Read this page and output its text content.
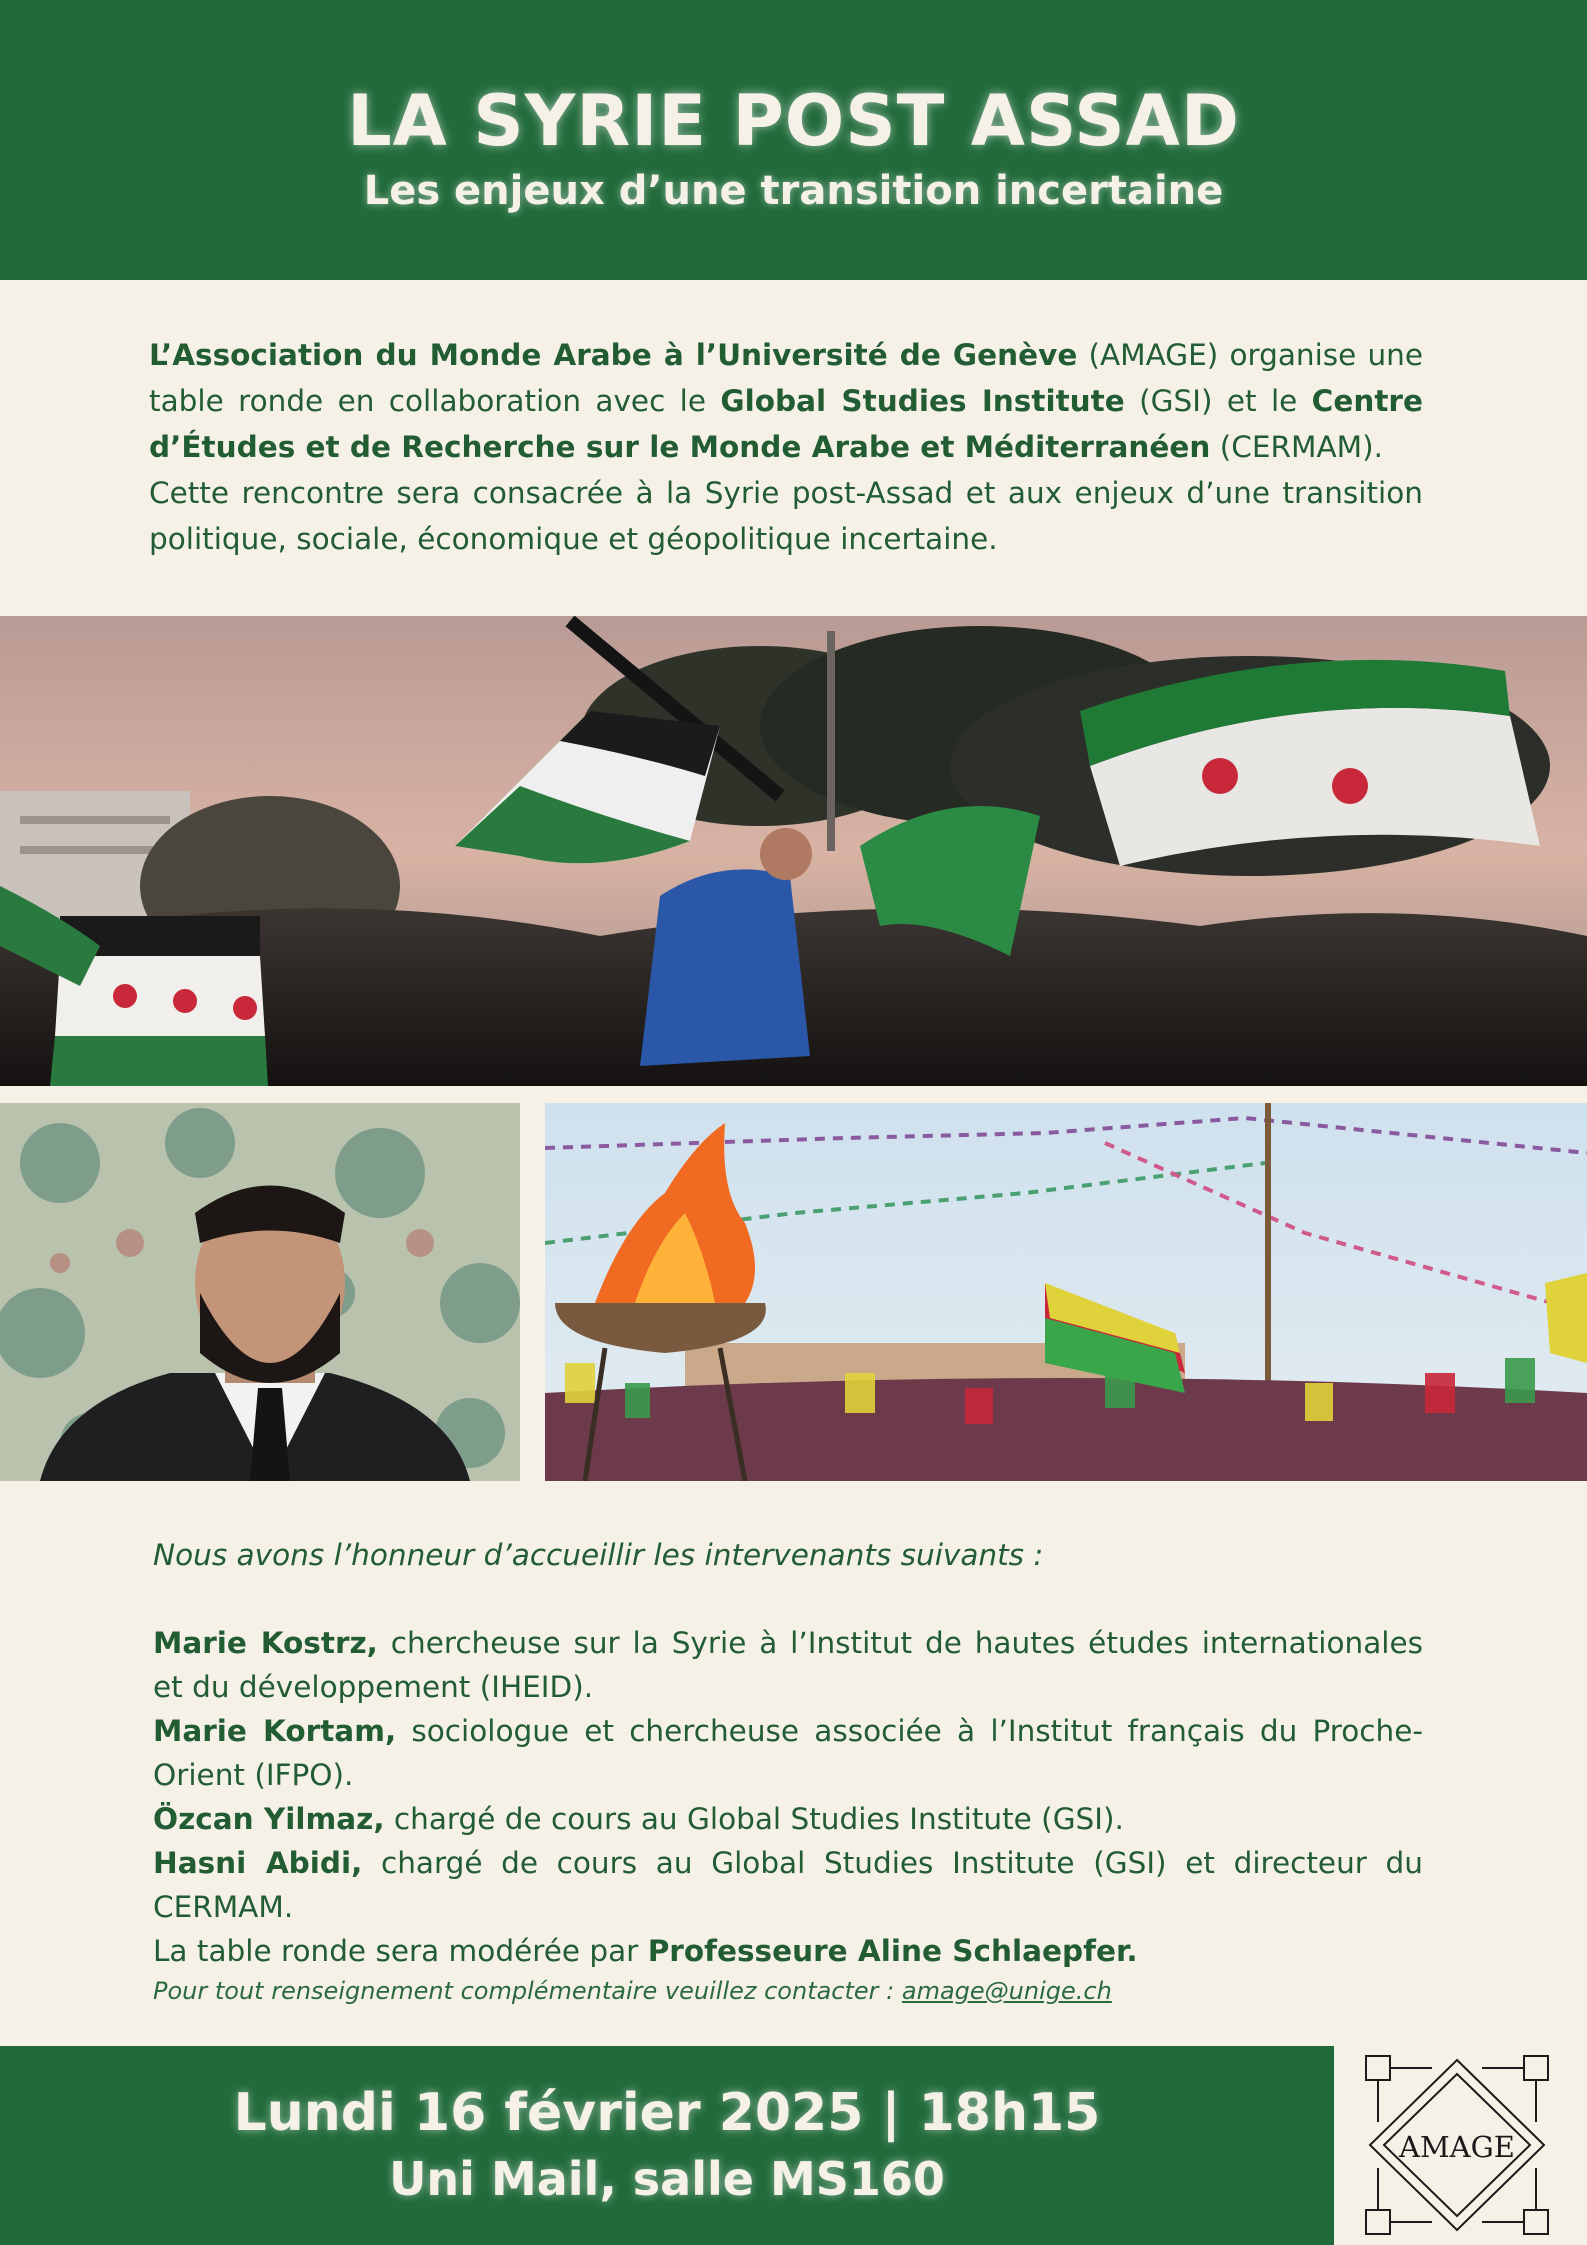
LA SYRIE POST ASSAD
Les enjeux d’une transition incertaine

L’Association du Monde Arabe à l’Université de Genève (AMAGE) organise une table ronde en collaboration avec le Global Studies Institute (GSI) et le Centre d’Études et de Recherche sur le Monde Arabe et Méditerranéen (CERMAM).

Cette rencontre sera consacrée à la Syrie post-Assad et aux enjeux d’une transition politique, sociale, économique et géopolitique incertaine.

Nous avons l’honneur d’accueillir les intervenants suivants :

Marie Kostrz, chercheuse sur la Syrie à l’Institut de hautes études internationales et du développement (IHEID).

Marie Kortam, sociologue et chercheuse associée à l’Institut français du Proche-Orient (IFPO).

Özcan Yilmaz, chargé de cours au Global Studies Institute (GSI).

Hasni Abidi, chargé de cours au Global Studies Institute (GSI) et directeur du CERMAM.

La table ronde sera modérée par Professeure Aline Schlaepfer.

Pour tout renseignement complémentaire veuillez contacter : amage@unige.ch
Lundi 16 février 2025 | 18h15
Uni Mail, salle MS160
AMAGE
